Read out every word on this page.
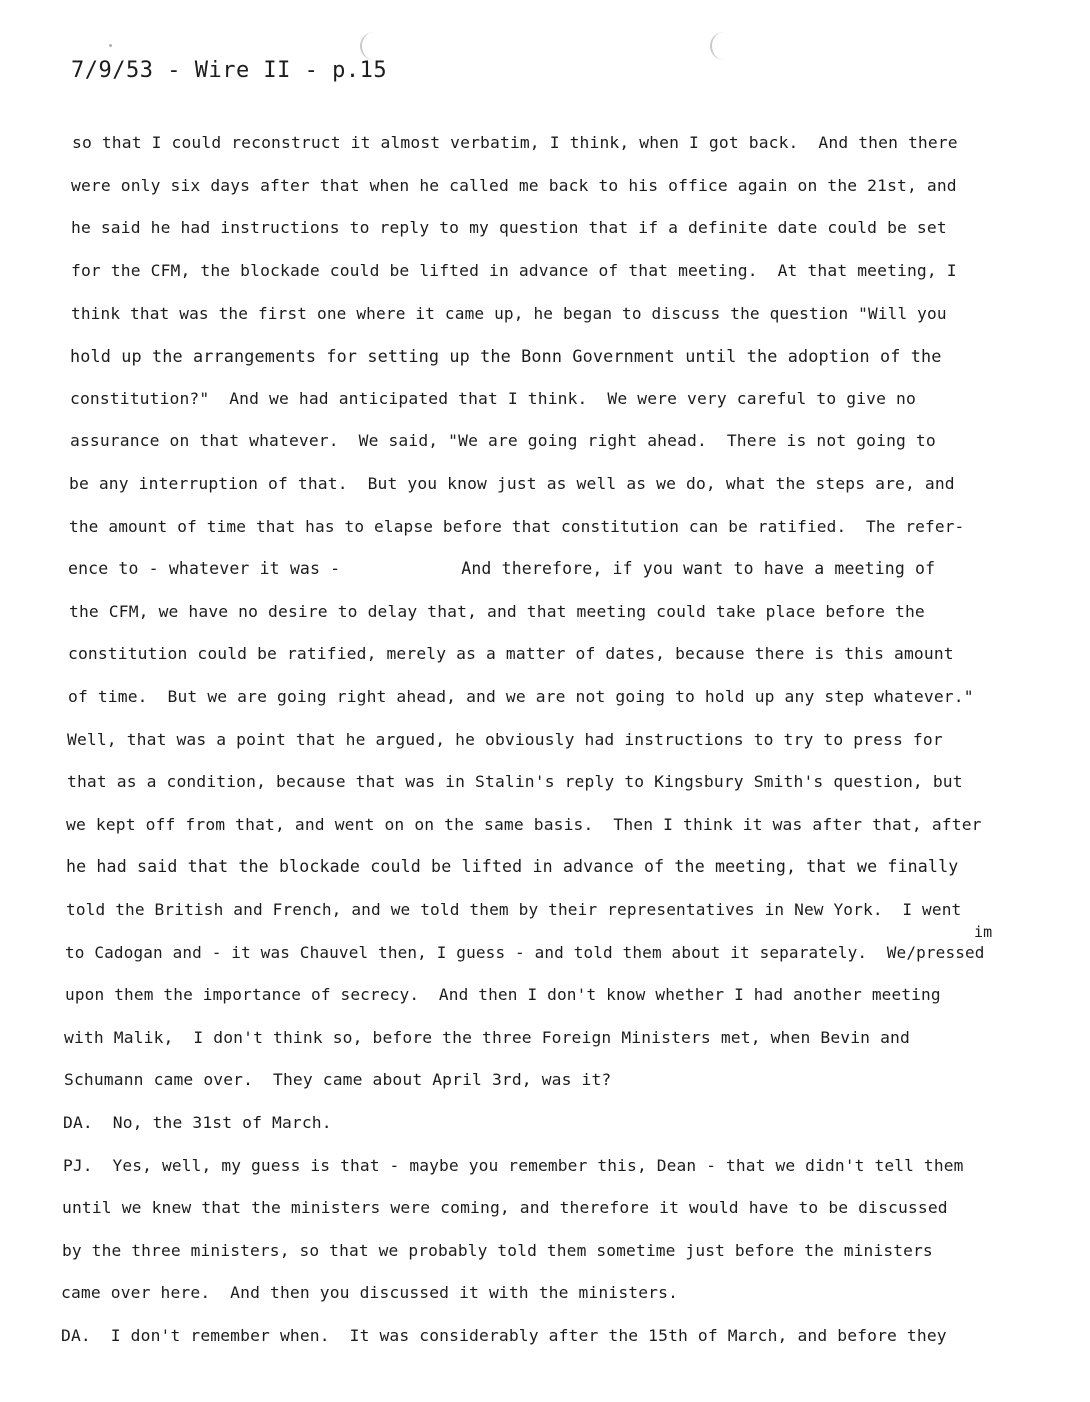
7/9/53 - Wire II - p.15
so that I could reconstruct it almost verbatim, I think, when I got back.  And then there
were only six days after that when he called me back to his office again on the 21st, and
he said he had instructions to reply to my question that if a definite date could be set
for the CFM, the blockade could be lifted in advance of that meeting.  At that meeting, I
think that was the first one where it came up, he began to discuss the question "Will you
hold up the arrangements for setting up the Bonn Government until the adoption of the
constitution?"  And we had anticipated that I think.  We were very careful to give no
assurance on that whatever.  We said, "We are going right ahead.  There is not going to
be any interruption of that.  But you know just as well as we do, what the steps are, and
the amount of time that has to elapse before that constitution can be ratified.  The refer-
ence to - whatever it was -            And therefore, if you want to have a meeting of
the CFM, we have no desire to delay that, and that meeting could take place before the
constitution could be ratified, merely as a matter of dates, because there is this amount
of time.  But we are going right ahead, and we are not going to hold up any step whatever."
Well, that was a point that he argued, he obviously had instructions to try to press for
that as a condition, because that was in Stalin's reply to Kingsbury Smith's question, but
we kept off from that, and went on on the same basis.  Then I think it was after that, after
he had said that the blockade could be lifted in advance of the meeting, that we finally
told the British and French, and we told them by their representatives in New York.  I went
to Cadogan and - it was Chauvel then, I guess - and told them about it separately.  We/pressed
upon them the importance of secrecy.  And then I don't know whether I had another meeting
with Malik,  I don't think so, before the three Foreign Ministers met, when Bevin and
Schumann came over.  They came about April 3rd, was it?
DA.  No, the 31st of March.
PJ.  Yes, well, my guess is that - maybe you remember this, Dean - that we didn't tell them
until we knew that the ministers were coming, and therefore it would have to be discussed
by the three ministers, so that we probably told them sometime just before the ministers
came over here.  And then you discussed it with the ministers.
DA.  I don't remember when.  It was considerably after the 15th of March, and before they
im
